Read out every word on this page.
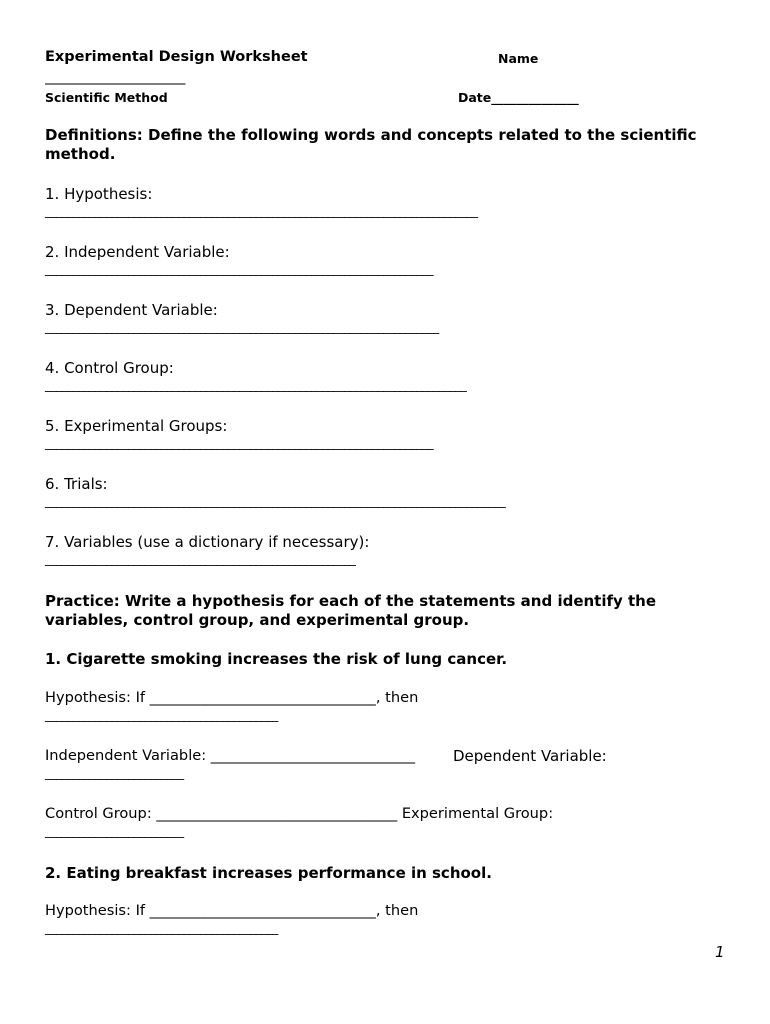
Experimental Design Worksheet	Name
____________________________
Scientific Method	Date______________
Definitions: Define the following words and concepts related to the scientific
method.
1. Hypothesis:
______________________________________________________________________________
2. Independent Variable:
______________________________________________________________________
3. Dependent Variable:
_______________________________________________________________________
4. Control Group:
____________________________________________________________________________
5. Experimental Groups:
______________________________________________________________________
6. Trials:
___________________________________________________________________________________
7. Variables (use a dictionary if necessary):
________________________________________________________
Practice: Write a hypothesis for each of the statements and identify the
variables, control group, and experimental group.
1. Cigarette smoking increases the risk of lung cancer.
Hypothesis: If _______________________________, then
__________________________________________
Independent Variable: ____________________________	Dependent Variable:
_________________________
Control Group: _________________________________ Experimental Group:
_________________________
2. Eating breakfast increases performance in school.
Hypothesis: If _______________________________, then
__________________________________________
1
